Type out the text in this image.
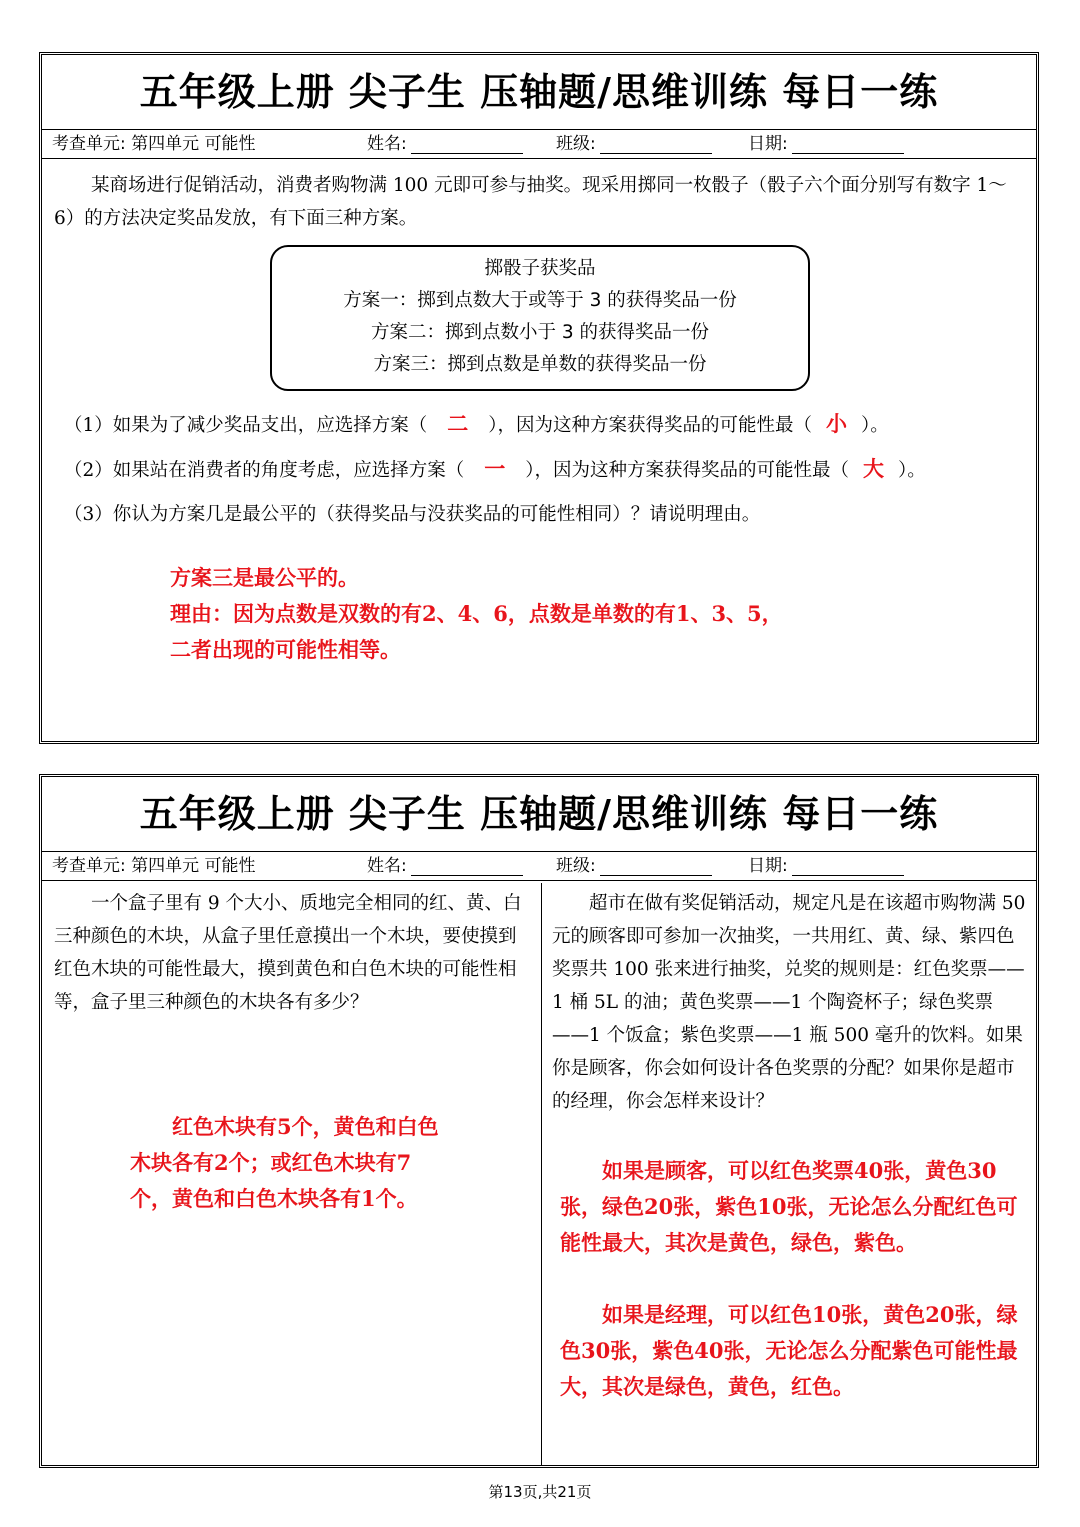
五年级上册 尖子生 压轴题/思维训练 每日一练
考查单元: 第四单元 可能性	姓名:	班级:	日期:
某商场进行促销活动，消费者购物满 100 元即可参与抽奖。现采用掷同一枚骰子（骰子六个面分别写有数字 1～6）的方法决定奖品发放，有下面三种方案。
掷骰子获奖品
方案一：掷到点数大于或等于 3 的获得奖品一份
方案二：掷到点数小于 3 的获得奖品一份
方案三：掷到点数是单数的获得奖品一份
（1）如果为了减少奖品支出，应选择方案（ 二 ），因为这种方案获得奖品的可能性最（ 小 ）。
（2）如果站在消费者的角度考虑，应选择方案（ 一 ），因为这种方案获得奖品的可能性最（ 大 ）。
（3）你认为方案几是最公平的（获得奖品与没获奖品的可能性相同）？请说明理由。
方案三是最公平的。
理由：因为点数是双数的有2、4、6，点数是单数的有1、3、5，
二者出现的可能性相等。
五年级上册 尖子生 压轴题/思维训练 每日一练
考查单元: 第四单元 可能性	姓名:	班级:	日期:
一个盒子里有 9 个大小、质地完全相同的红、黄、白三种颜色的木块，从盒子里任意摸出一个木块，要使摸到红色木块的可能性最大，摸到黄色和白色木块的可能性相等，盒子里三种颜色的木块各有多少？
红色木块有5个，黄色和白色木块各有2个；或红色木块有7个，黄色和白色木块各有1个。
超市在做有奖促销活动，规定凡是在该超市购物满 50 元的顾客即可参加一次抽奖，一共用红、黄、绿、紫四色奖票共 100 张来进行抽奖，兑奖的规则是：红色奖票——1 桶 5L 的油；黄色奖票——1 个陶瓷杯子；绿色奖票——1 个饭盒；紫色奖票——1 瓶 500 毫升的饮料。如果你是顾客，你会如何设计各色奖票的分配？如果你是超市的经理，你会怎样来设计？
如果是顾客，可以红色奖票40张，黄色30张，绿色20张，紫色10张，无论怎么分配红色可能性最大，其次是黄色，绿色，紫色。
如果是经理，可以红色10张，黄色20张，绿色30张，紫色40张，无论怎么分配紫色可能性最大，其次是绿色，黄色，红色。
第13页,共21页
